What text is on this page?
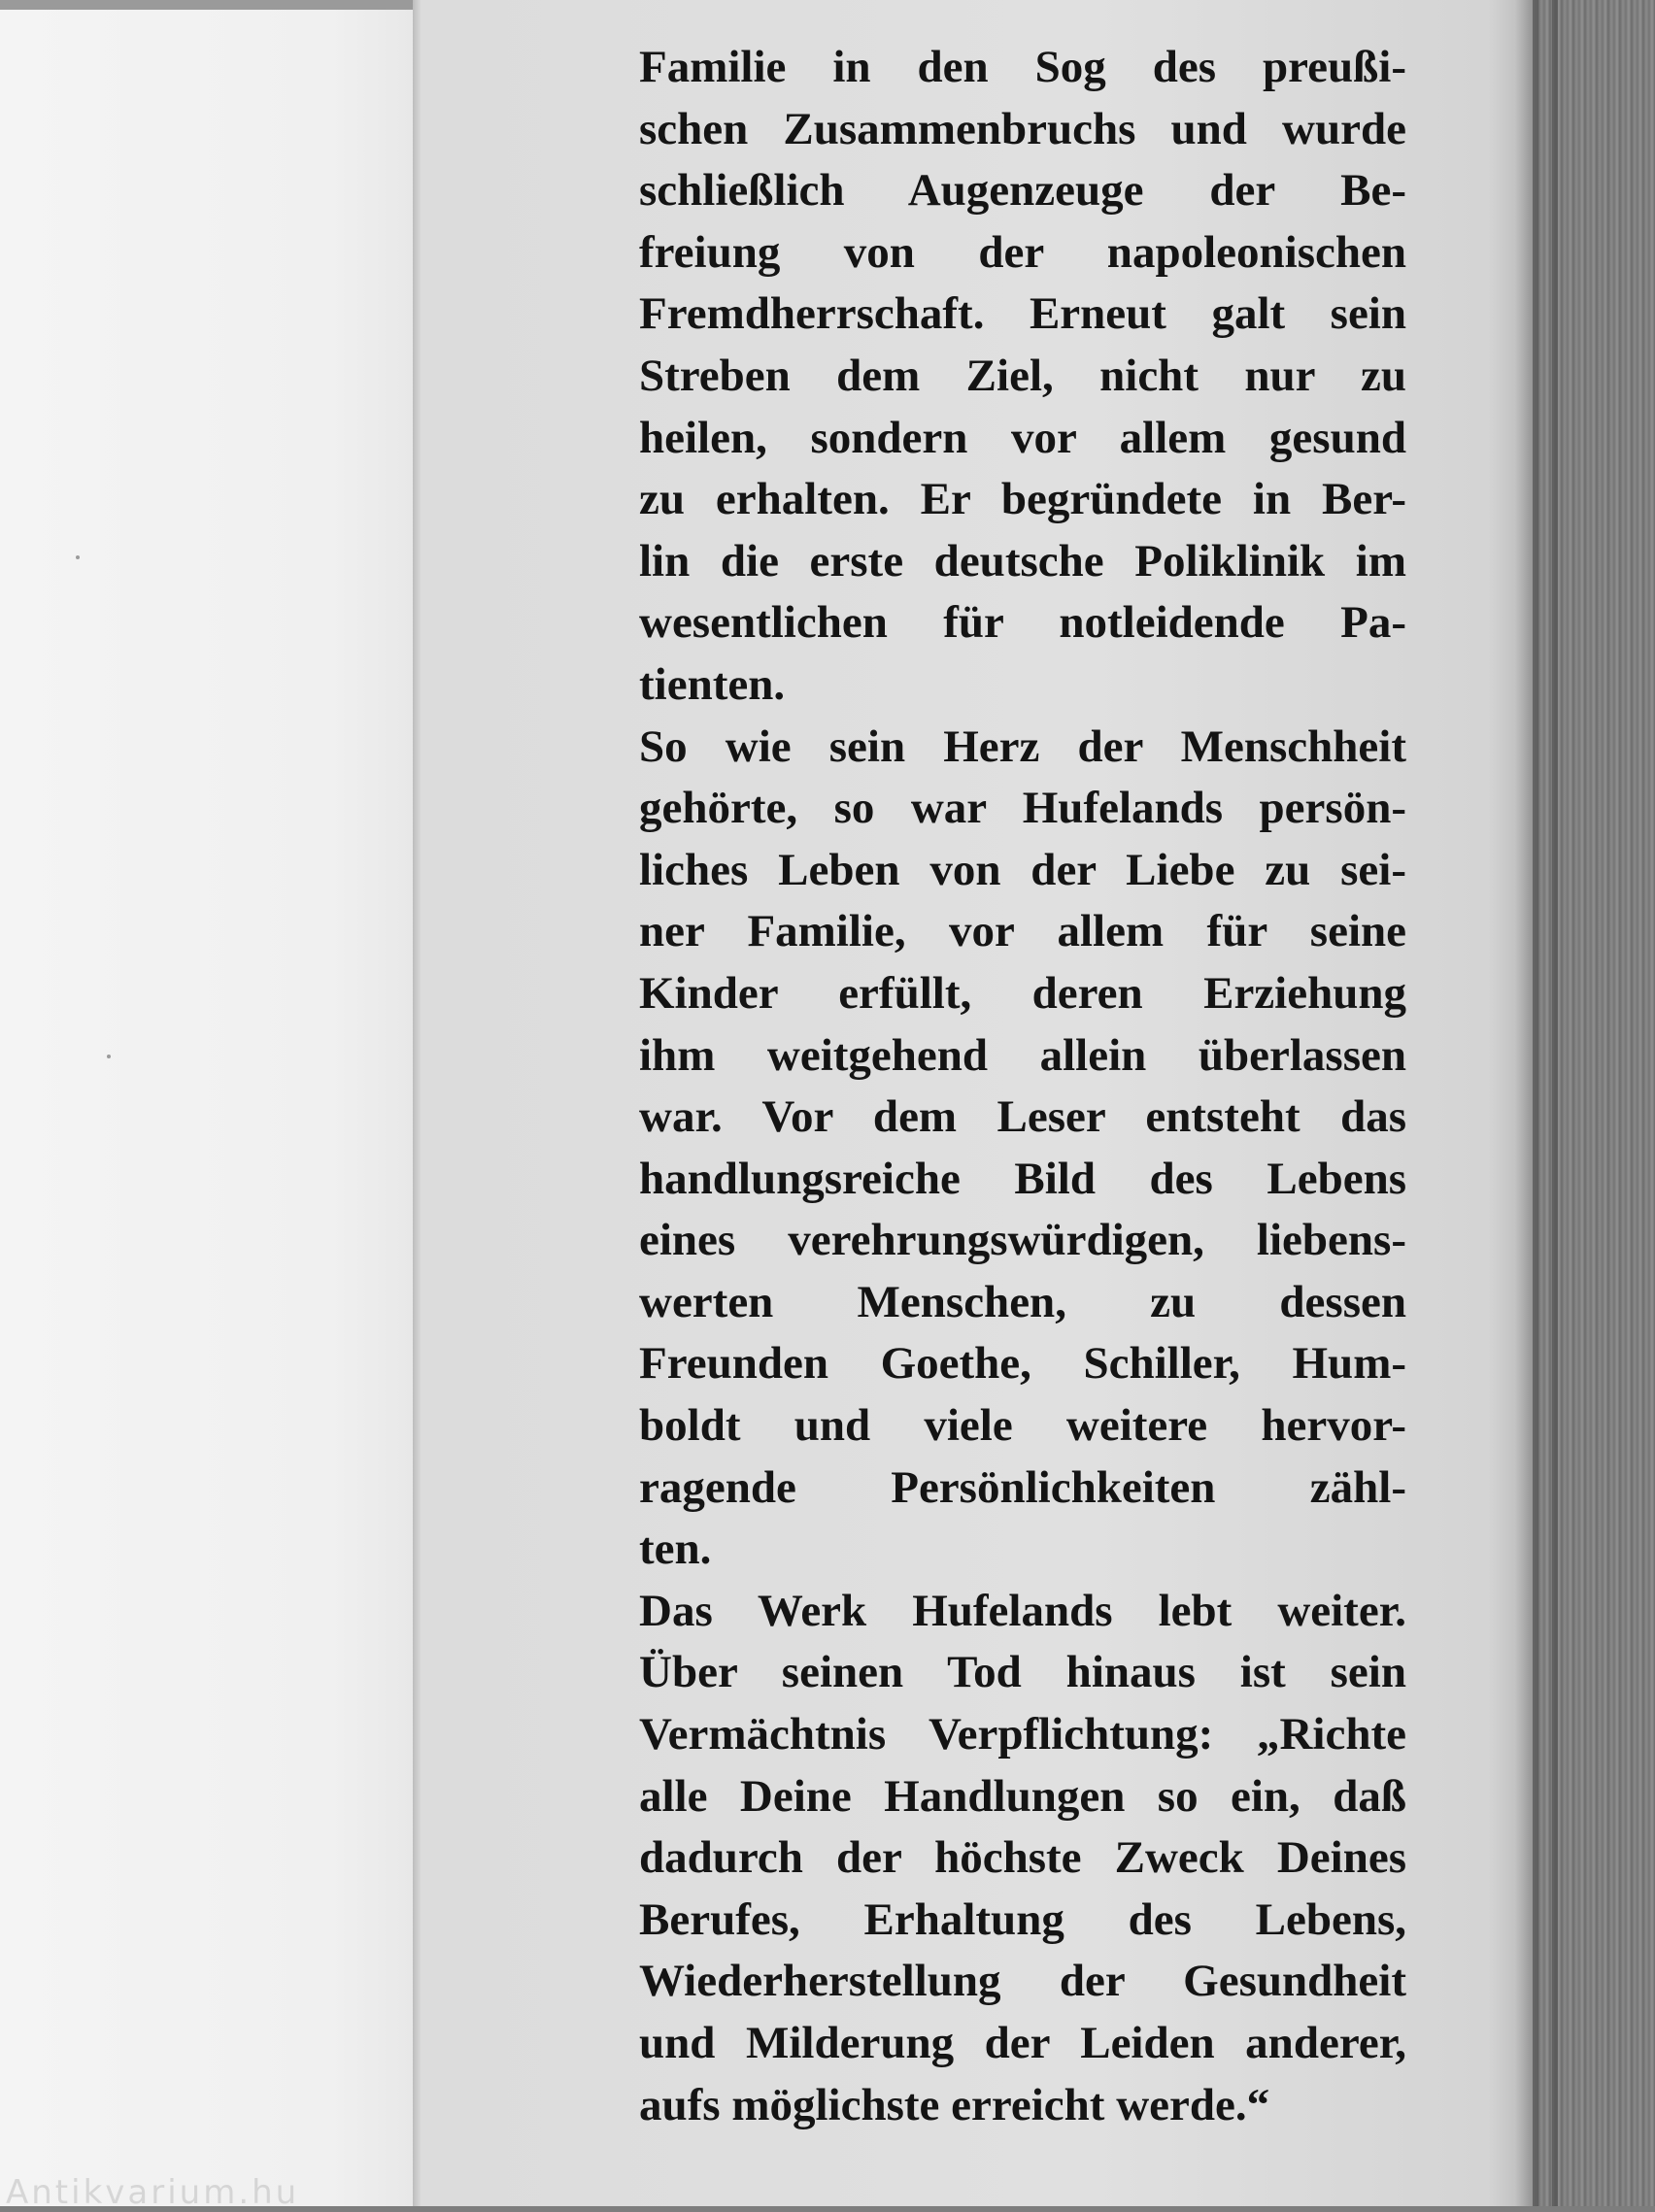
Familie in den Sog des preußi-
schen Zusammenbruchs und wurde
schließlich Augenzeuge der Be-
freiung von der napoleonischen
Fremdherrschaft. Erneut galt sein
Streben dem Ziel, nicht nur zu
heilen, sondern vor allem gesund
zu erhalten. Er begründete in Ber-
lin die erste deutsche Poliklinik im
wesentlichen für notleidende Pa-
tienten.
So wie sein Herz der Menschheit
gehörte, so war Hufelands persön-
liches Leben von der Liebe zu sei-
ner Familie, vor allem für seine
Kinder erfüllt, deren Erziehung
ihm weitgehend allein überlassen
war. Vor dem Leser entsteht das
handlungsreiche Bild des Lebens
eines verehrungswürdigen, liebens-
werten Menschen, zu dessen
Freunden Goethe, Schiller, Hum-
boldt und viele weitere hervor-
ragende Persönlichkeiten zähl-
ten.
Das Werk Hufelands lebt weiter.
Über seinen Tod hinaus ist sein
Vermächtnis Verpflichtung: „Richte
alle Deine Handlungen so ein, daß
dadurch der höchste Zweck Deines
Berufes, Erhaltung des Lebens,
Wiederherstellung der Gesundheit
und Milderung der Leiden anderer,
aufs möglichste erreicht werde.“
Antikvarium.hu
